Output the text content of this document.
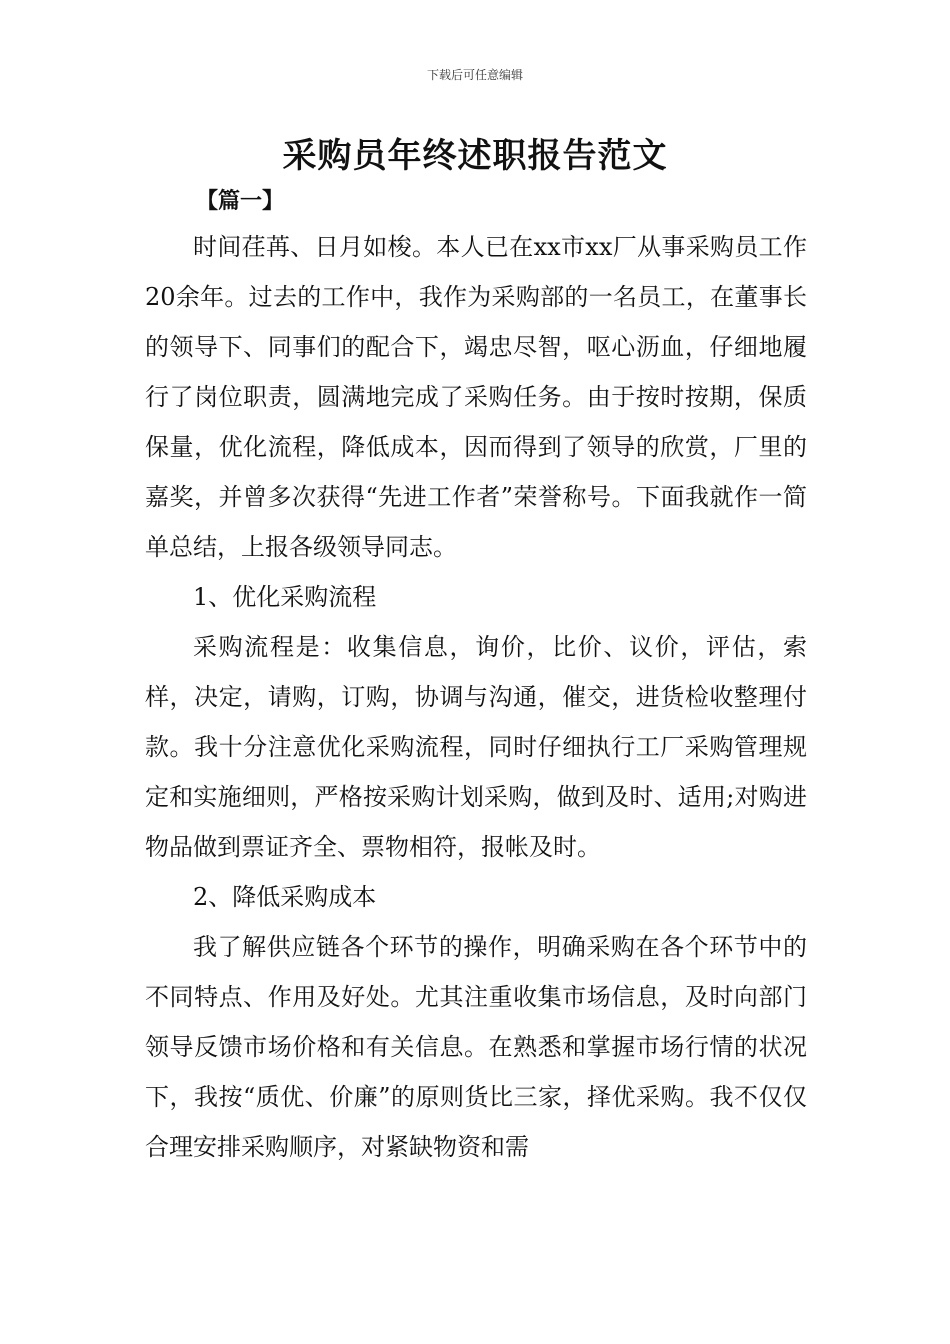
下载后可任意编辑
采购员年终述职报告范文
【篇一】

时间荏苒、日月如梭。本人已在xx市xx厂从事采购员工作20余年。过去的工作中，我作为采购部的一名员工，在董事长的领导下、同事们的配合下，竭忠尽智，呕心沥血，仔细地履行了岗位职责，圆满地完成了采购任务。由于按时按期，保质保量，优化流程，降低成本，因而得到了领导的欣赏，厂里的嘉奖，并曾多次获得“先进工作者”荣誉称号。下面我就作一简单总结，上报各级领导同志。

1、优化采购流程

采购流程是：收集信息，询价，比价、议价，评估，索样，决定，请购，订购，协调与沟通，催交，进货检收整理付款。我十分注意优化采购流程，同时仔细执行工厂采购管理规定和实施细则，严格按采购计划采购，做到及时、适用;对购进物品做到票证齐全、票物相符，报帐及时。

2、降低采购成本

我了解供应链各个环节的操作，明确采购在各个环节中的不同特点、作用及好处。尤其注重收集市场信息，及时向部门领导反馈市场价格和有关信息。在熟悉和掌握市场行情的状况下，我按“质优、价廉”的原则货比三家，择优采购。我不仅仅合理安排采购顺序，对紧缺物资和需
